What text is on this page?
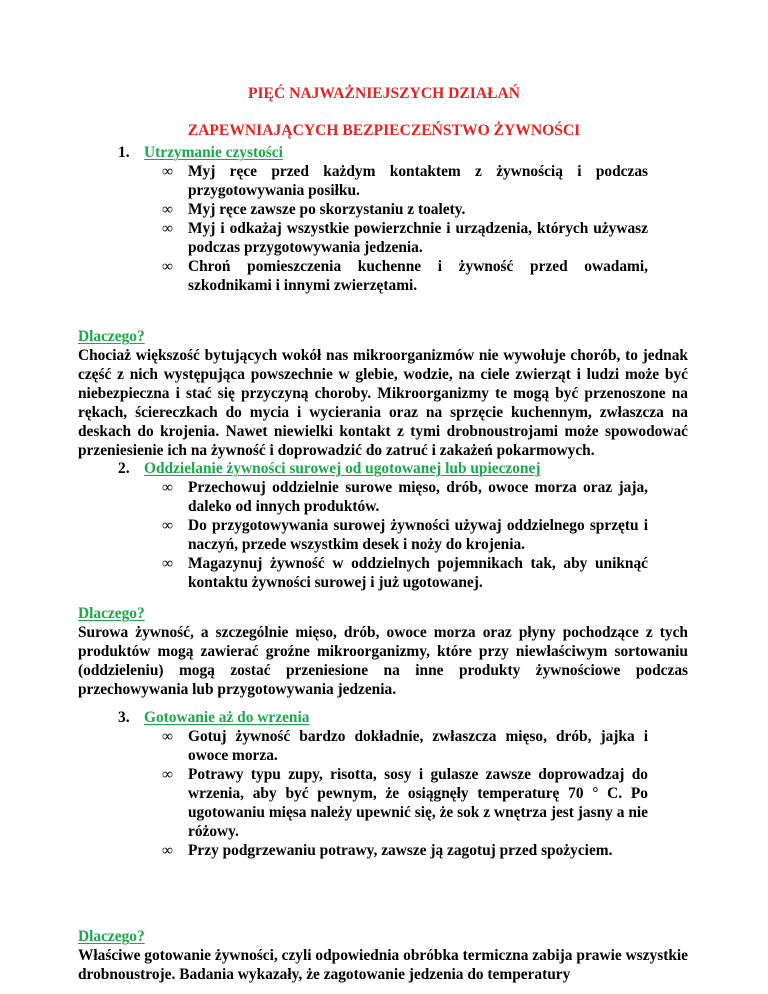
PIĘĆ NAJWAŻNIEJSZYCH DZIAŁAŃ
ZAPEWNIAJĄCYCH BEZPIECZEŃSTWO ŻYWNOŚCI
1. Utrzymanie czystości
∞ Myj ręce przed każdym kontaktem z żywnością i podczas przygotowywania posiłku.
∞ Myj ręce zawsze po skorzystaniu z toalety.
∞ Myj i odkażaj wszystkie powierzchnie i urządzenia, których używasz podczas przygotowywania jedzenia.
∞ Chroń pomieszczenia kuchenne i żywność przed owadami, szkodnikami i innymi zwierzętami.
Dlaczego?
Chociaż większość bytujących wokół nas mikroorganizmów nie wywołuje chorób, to jednak część z nich występująca powszechnie w glebie, wodzie, na ciele zwierząt i ludzi może być niebezpieczna i stać się przyczyną choroby. Mikroorganizmy te mogą być przenoszone na rękach, ściereczkach do mycia i wycierania oraz na sprzęcie kuchennym, zwłaszcza na deskach do krojenia. Nawet niewielki kontakt z tymi drobnoustrojami może spowodować przeniesienie ich na żywność i doprowadzić do zatruć i zakażeń pokarmowych.
2. Oddzielanie żywności surowej od ugotowanej lub upieczonej
∞ Przechowuj oddzielnie surowe mięso, drób, owoce morza oraz jaja, daleko od innych produktów.
∞ Do przygotowywania surowej żywności używaj oddzielnego sprzętu i naczyń, przede wszystkim desek i noży do krojenia.
∞ Magazynuj żywność w oddzielnych pojemnikach tak, aby uniknąć kontaktu żywności surowej i już ugotowanej.
Dlaczego?
Surowa żywność, a szczególnie mięso, drób, owoce morza oraz płyny pochodzące z tych produktów mogą zawierać groźne mikroorganizmy, które przy niewłaściwym sortowaniu (oddzieleniu) mogą zostać przeniesione na inne produkty żywnościowe podczas przechowywania lub przygotowywania jedzenia.
3. Gotowanie aż do wrzenia
∞ Gotuj żywność bardzo dokładnie, zwłaszcza mięso, drób, jajka i owoce morza.
∞ Potrawy typu zupy, risotta, sosy i gulasze zawsze doprowadzaj do wrzenia, aby być pewnym, że osiągnęły temperaturę 70 ° C. Po ugotowaniu mięsa należy upewnić się, że sok z wnętrza jest jasny a nie różowy.
∞ Przy podgrzewaniu potrawy, zawsze ją zagotuj przed spożyciem.
Dlaczego?
Właściwe gotowanie żywności, czyli odpowiednia obróbka termiczna zabija prawie wszystkie drobnoustroje. Badania wykazały, że zagotowanie jedzenia do temperatury
